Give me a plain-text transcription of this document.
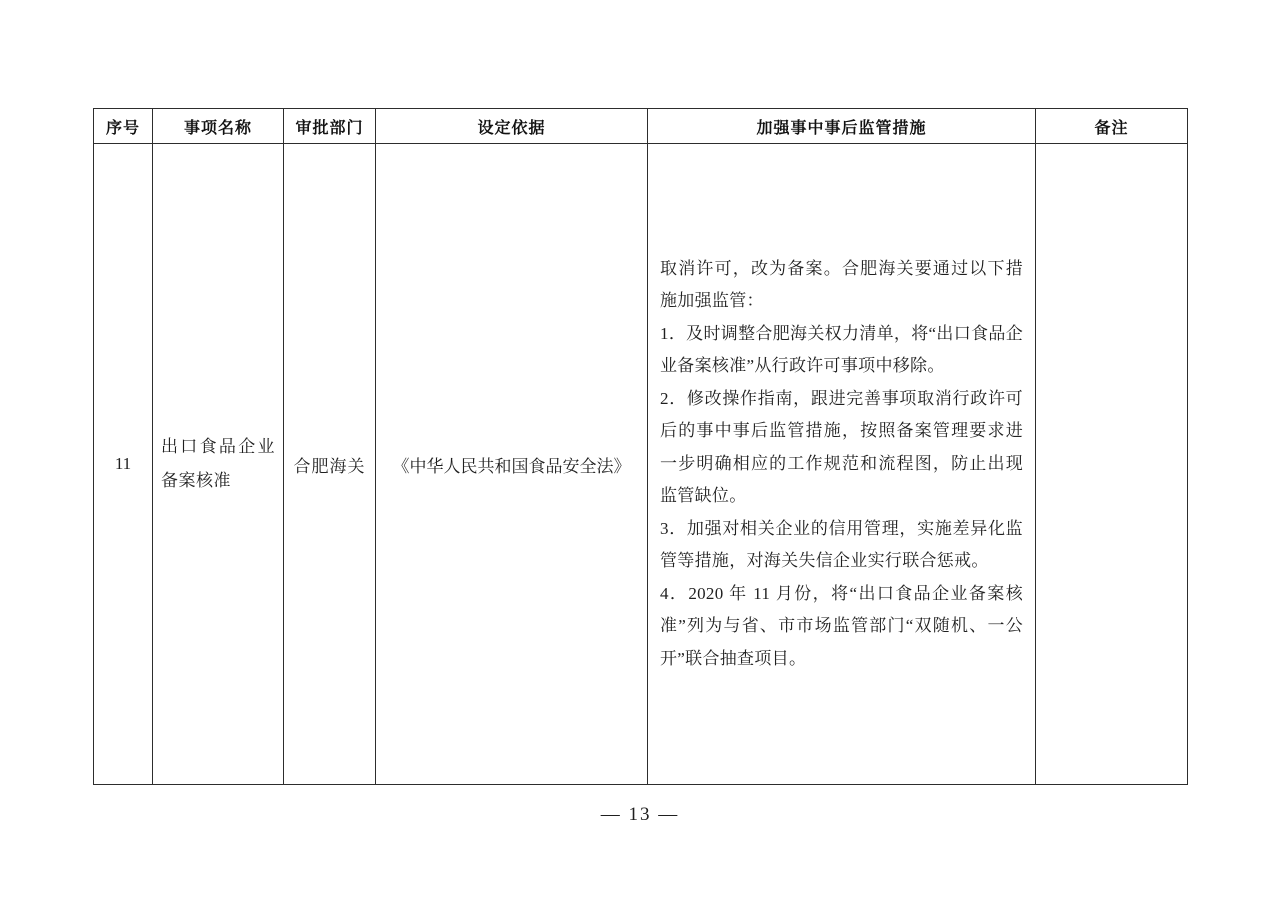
序号	事项名称	审批部门	设定依据	加强事中事后监管措施	备注
11	出口食品企业备案核准	合肥海关	《中华人民共和国食品安全法》	取消许可，改为备案。合肥海关要通过以下措施加强监管：
1．及时调整合肥海关权力清单，将“出口食品企业备案核准”从行政许可事项中移除。
2．修改操作指南，跟进完善事项取消行政许可后的事中事后监管措施，按照备案管理要求进一步明确相应的工作规范和流程图，防止出现监管缺位。
3．加强对相关企业的信用管理，实施差异化监管等措施，对海关失信企业实行联合惩戒。
4．2020 年 11 月份，将“出口食品企业备案核准”列为与省、市市场监管部门“双随机、一公开”联合抽查项目。	

— 13 —
